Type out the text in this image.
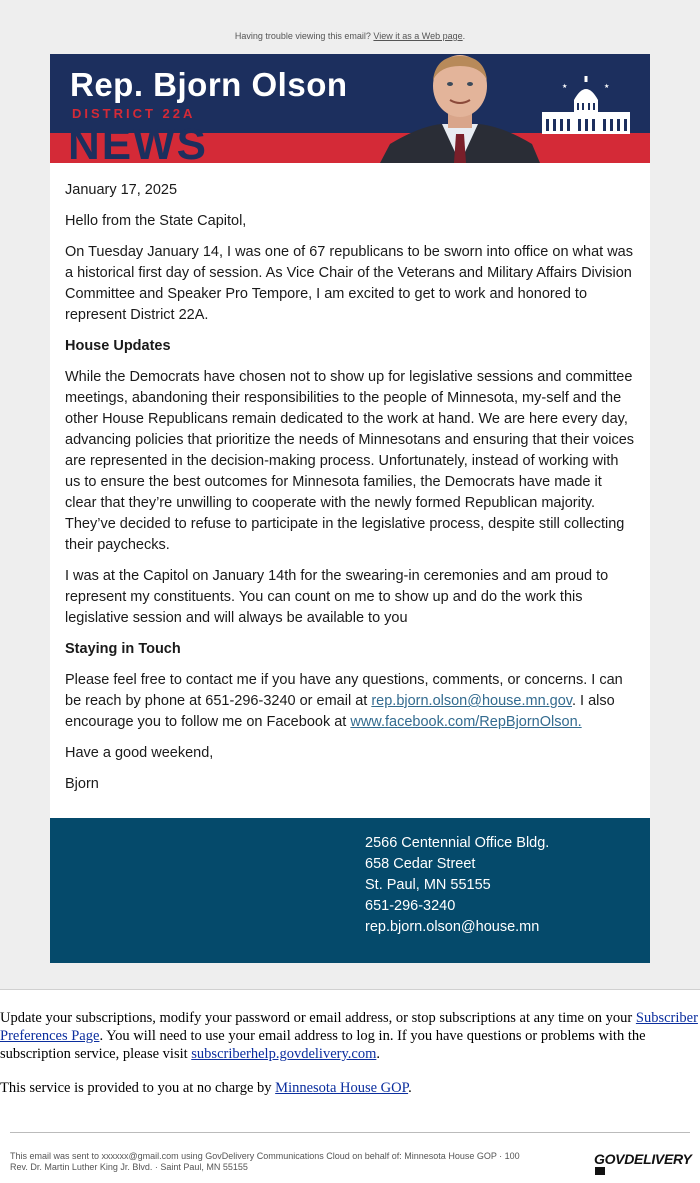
Having trouble viewing this email? View it as a Web page.
Rep. Bjorn Olson
DISTRICT 22A
NEWS
★	★

January 17, 2025

Hello from the State Capitol,

On Tuesday January 14, I was one of 67 republicans to be sworn into office on what was a historical first day of session. As Vice Chair of the Veterans and Military Affairs Division Committee and Speaker Pro Tempore, I am excited to get to work and honored to represent District 22A.

House Updates

While the Democrats have chosen not to show up for legislative sessions and committee meetings, abandoning their responsibilities to the people of Minnesota, my-self and the other House Republicans remain dedicated to the work at hand. We are here every day, advancing policies that prioritize the needs of Minnesotans and ensuring that their voices are represented in the decision-making process. Unfortunately, instead of working with us to ensure the best outcomes for Minnesota families, the Democrats have made it clear that they’re unwilling to cooperate with the newly formed Republican majority. They’ve decided to refuse to participate in the legislative process, despite still collecting their paychecks.

I was at the Capitol on January 14th for the swearing-in ceremonies and am proud to represent my constituents. You can count on me to show up and do the work this legislative session and will always be available to you

Staying in Touch

Please feel free to contact me if you have any questions, comments, or concerns. I can be reach by phone at 651-296-3240 or email at rep.bjorn.olson@house.mn.gov. I also encourage you to follow me on Facebook at www.facebook.com/RepBjornOlson.

Have a good weekend,

Bjorn

2566 Centennial Office Bldg.
658 Cedar Street
St. Paul, MN 55155
651-296-3240
rep.bjorn.olson@house.mn

Update your subscriptions, modify your password or email address, or stop subscriptions at any time on your Subscriber Preferences Page. You will need to use your email address to log in. If you have questions or problems with the subscription service, please visit subscriberhelp.govdelivery.com.

This service is provided to you at no charge by Minnesota House GOP.

This email was sent to xxxxxx@gmail.com using GovDelivery Communications Cloud on behalf of: Minnesota House GOP · 100
Rev. Dr. Martin Luther King Jr. Blvd. · Saint Paul, MN 55155	GOVDELIVERY
